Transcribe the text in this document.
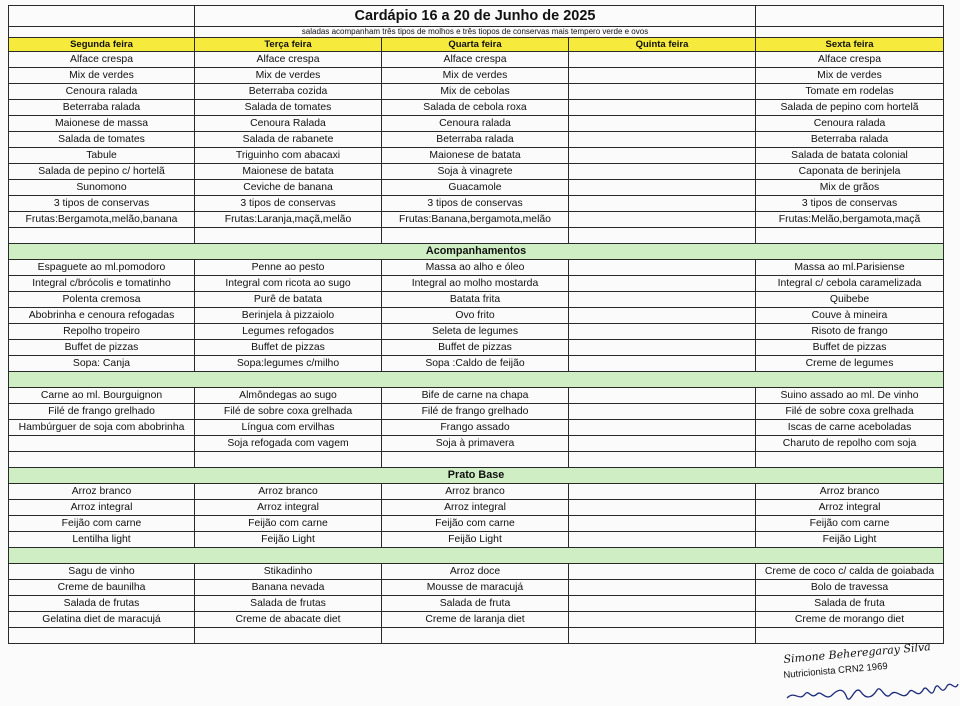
	Cardápio 16 a 20 de Junho de 2025			
	saladas acompanham três tipos de molhos e três tiopos de conservas mais tempero verde e ovos			
Segunda feira	Terça feira	Quarta feira	Quinta feira	Sexta feira
Alface crespa	Alface crespa	Alface crespa		Alface crespa
Mix de verdes	Mix de verdes	Mix de verdes		Mix de verdes
Cenoura ralada	Beterraba cozida	Mix de cebolas		Tomate em rodelas
Beterraba ralada	Salada de tomates	Salada de cebola roxa		Salada de pepino com hortelã
Maionese de massa	Cenoura Ralada	Cenoura ralada		Cenoura ralada
Salada de tomates	Salada de rabanete	Beterraba ralada		Beterraba ralada
Tabule	Triguinho com abacaxi	Maionese de batata		Salada de batata colonial
Salada de pepino c/ hortelã	Maionese de batata	Soja à vinagrete		Caponata de berinjela
Sunomono	Ceviche de banana	Guacamole		Mix de grãos
3 tipos de conservas	3 tipos de conservas	3 tipos de conservas		3 tipos de conservas
Frutas:Bergamota,melão,banana	Frutas:Laranja,maçã,melão	Frutas:Banana,bergamota,melão		Frutas:Melão,bergamota,maçã

Acompanhamentos				
Espaguete ao ml.pomodoro	Penne ao pesto	Massa ao alho e óleo		Massa ao ml.Parisiense
Integral c/brócolis e tomatinho	Integral com ricota ao sugo	Integral ao molho mostarda		Integral c/ cebola caramelizada
Polenta cremosa	Purê de batata	Batata frita		Quibebe
Abobrinha e cenoura refogadas	Berinjela à pizzaiolo	Ovo frito		Couve à mineira
Repolho tropeiro	Legumes refogados	Seleta de legumes		Risoto de frango
Buffet de pizzas	Buffet de pizzas	Buffet de pizzas		Buffet de pizzas
Sopa: Canja	Sopa:legumes c/milho	Sopa :Caldo de feijão		Creme de legumes

Carne ao ml. Bourguignon	Almôndegas ao sugo	Bife de carne na chapa		Suino assado ao ml. De vinho
Filé de frango grelhado	Filé de sobre coxa grelhada	Filé de frango grelhado		Filé de sobre coxa grelhada
Hambúrguer de soja com abobrinha	Língua com ervilhas	Frango assado		Iscas de carne aceboladas
	Soja refogada com vagem	Soja à primavera		Charuto de repolho com soja

Prato Base				
Arroz branco	Arroz branco	Arroz branco		Arroz branco
Arroz integral	Arroz integral	Arroz integral		Arroz integral
Feijão com carne	Feijão com carne	Feijão com carne		Feijão com carne
Lentilha light	Feijão Light	Feijão Light		Feijão Light

Sagu de vinho	Stikadinho	Arroz doce		Creme de coco c/ calda de goiabada
Creme de baunilha	Banana nevada	Mousse de maracujá		Bolo de travessa
Salada de frutas	Salada de frutas	Salada de fruta		Salada de fruta
Gelatina diet de maracujá	Creme de abacate diet	Creme de laranja diet		Creme de morango diet

Simone Beheregaray Silva
Nutricionista CRN2 1969
